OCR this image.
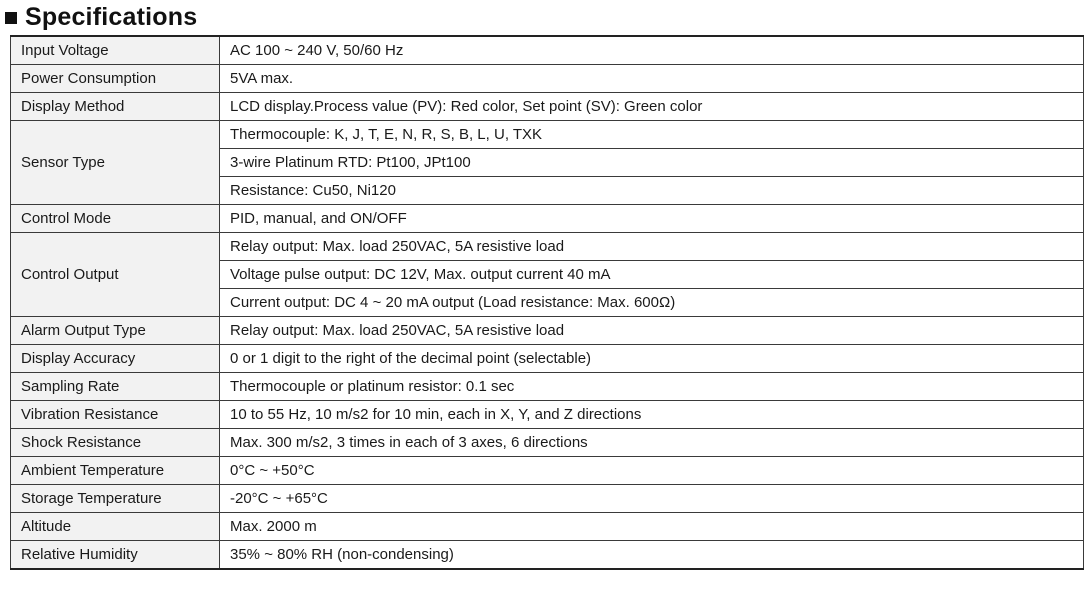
Specifications
Input Voltage	AC 100 ~ 240 V, 50/60 Hz
Power Consumption	5VA max.
Display Method	LCD display.Process value (PV): Red color, Set point (SV): Green color
Sensor Type	Thermocouple: K, J, T, E, N, R, S, B, L, U, TXK
	3-wire Platinum RTD: Pt100, JPt100
	Resistance: Cu50, Ni120
Control Mode	PID, manual, and ON/OFF
Control Output	Relay output: Max. load 250VAC, 5A resistive load
	Voltage pulse output: DC 12V, Max. output current 40 mA
	Current output: DC 4 ~ 20 mA output (Load resistance: Max. 600Ω)
Alarm Output Type	Relay output: Max. load 250VAC, 5A resistive load
Display Accuracy	0 or 1 digit to the right of the decimal point (selectable)
Sampling Rate	Thermocouple or platinum resistor: 0.1 sec
Vibration Resistance	10 to 55 Hz, 10 m/s2 for 10 min, each in X, Y, and Z directions
Shock Resistance	Max. 300 m/s2, 3 times in each of 3 axes, 6 directions
Ambient Temperature	0°C ~ +50°C
Storage Temperature	-20°C ~ +65°C
Altitude	Max. 2000 m
Relative Humidity	35% ~ 80% RH (non-condensing)
